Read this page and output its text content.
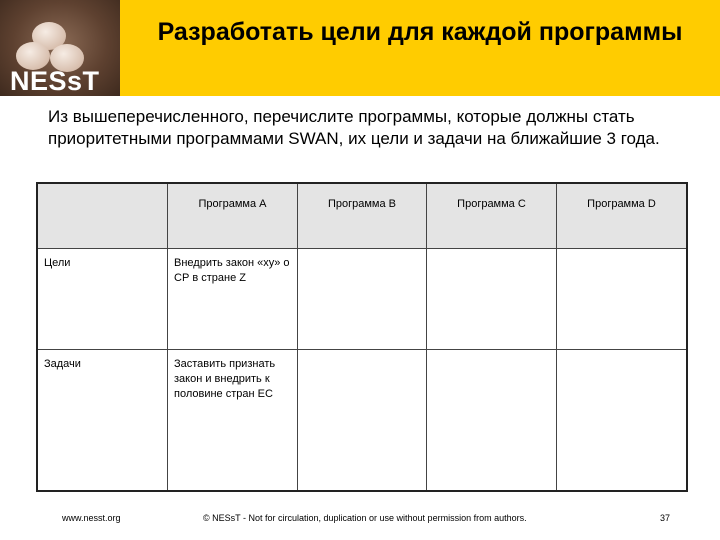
NESsT
Разработать цели для каждой программы
Из вышеперечисленного, перечислите программы, которые должны стать приоритетными программами SWAN, их цели и задачи на ближайшие 3 года.
	Программа A	Программа B	Программа C	Программа D
Цели	Внедрить закон «xy» о СР в стране Z			
Задачи	Заставить признать закон и внедрить к половине стран ЕС			
www.nesst.org	© NESsT - Not for circulation, duplication or use without permission from authors.	37
